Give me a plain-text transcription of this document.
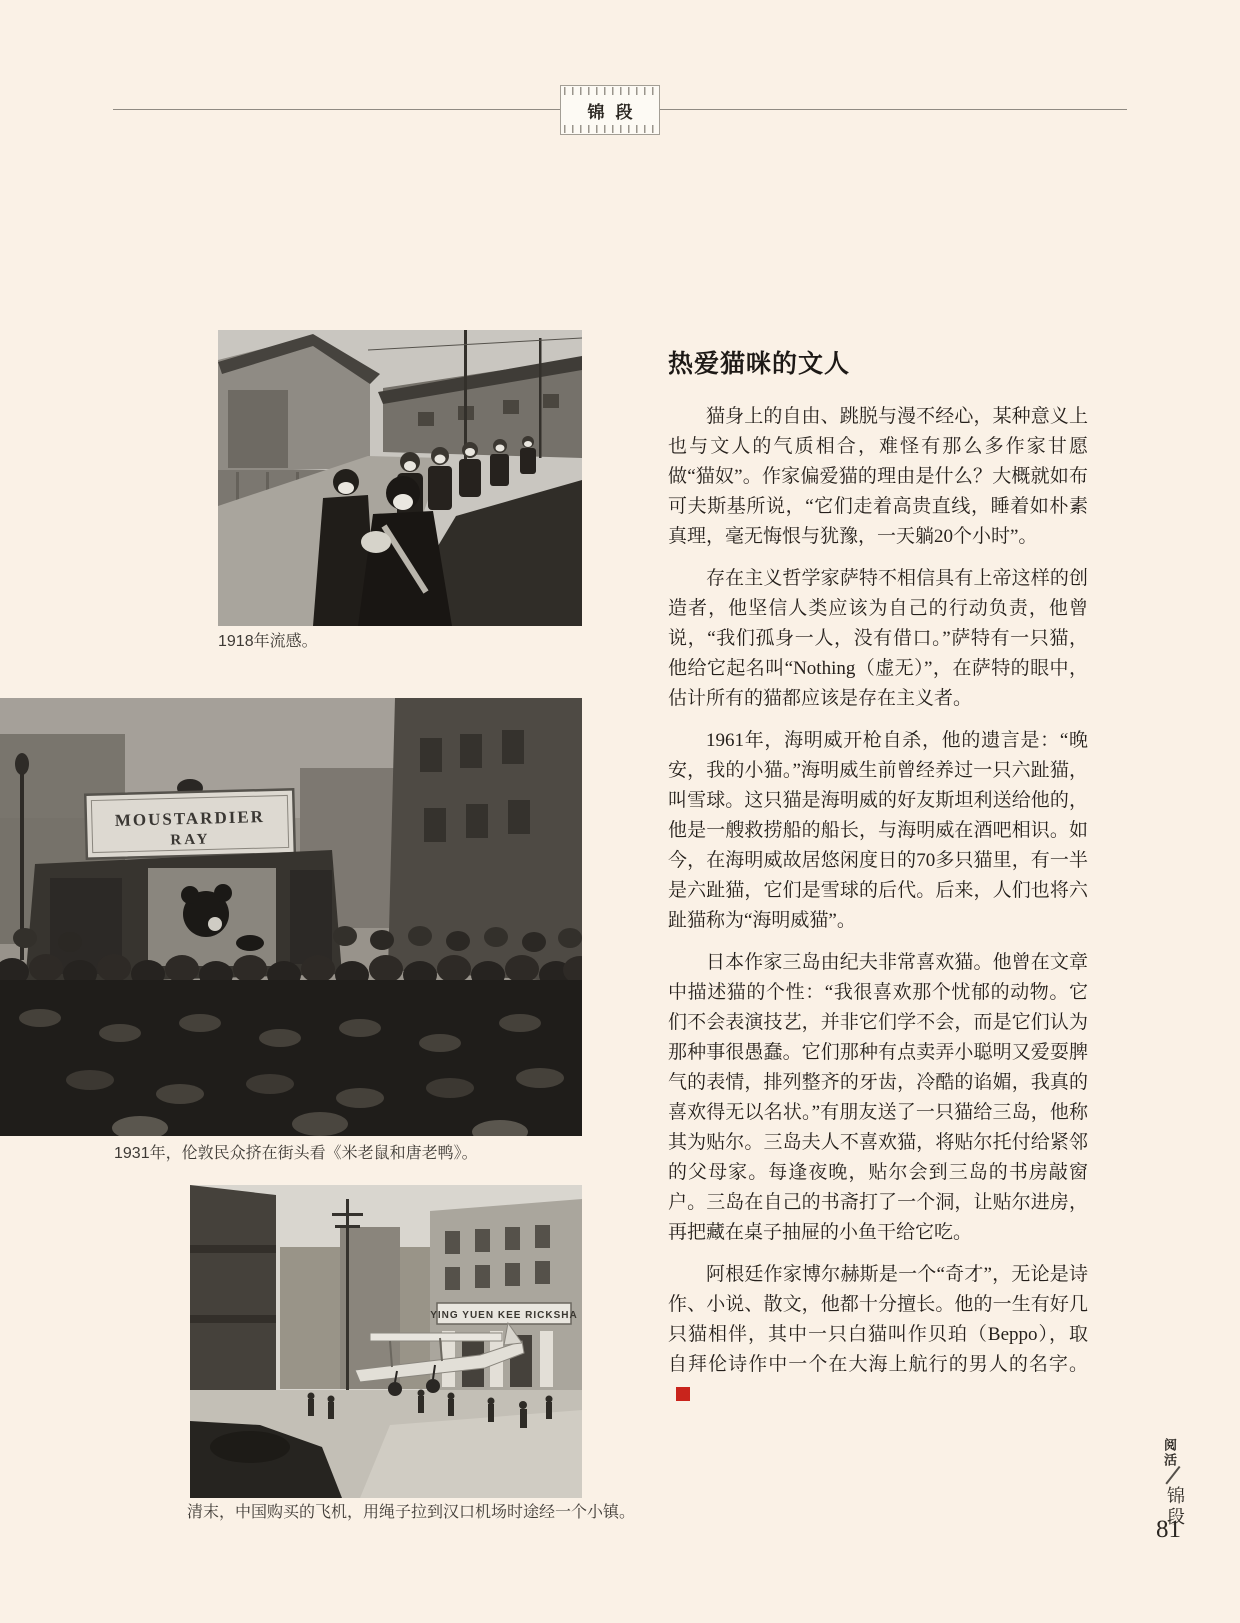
锦段
1918年流感。
MOUSTARDIER
RAY
1931年，伦敦民众挤在街头看《米老鼠和唐老鸭》。
YING YUEN KEE RICKSHA
清末，中国购买的飞机，用绳子拉到汉口机场时途经一个小镇。
热爱猫咪的文人

猫身上的自由、跳脱与漫不经心，某种意义上也与文人的气质相合，难怪有那么多作家甘愿做“猫奴”。作家偏爱猫的理由是什么？大概就如布可夫斯基所说，“它们走着高贵直线，睡着如朴素真理，毫无悔恨与犹豫，一天躺20个小时”。

存在主义哲学家萨特不相信具有上帝这样的创造者，他坚信人类应该为自己的行动负责，他曾说，“我们孤身一人，没有借口。”萨特有一只猫，他给它起名叫“Nothing（虚无）”，在萨特的眼中，估计所有的猫都应该是存在主义者。

1961年，海明威开枪自杀，他的遗言是：“晚安，我的小猫。”海明威生前曾经养过一只六趾猫，叫雪球。这只猫是海明威的好友斯坦利送给他的，他是一艘救捞船的船长，与海明威在酒吧相识。如今，在海明威故居悠闲度日的70多只猫里，有一半是六趾猫，它们是雪球的后代。后来，人们也将六趾猫称为“海明威猫”。

日本作家三岛由纪夫非常喜欢猫。他曾在文章中描述猫的个性：“我很喜欢那个忧郁的动物。它们不会表演技艺，并非它们学不会，而是它们认为那种事很愚蠢。它们那种有点卖弄小聪明又爱耍脾气的表情，排列整齐的牙齿，冷酷的谄媚，我真的喜欢得无以名状。”有朋友送了一只猫给三岛，他称其为贴尔。三岛夫人不喜欢猫，将贴尔托付给紧邻的父母家。每逢夜晚，贴尔会到三岛的书房敲窗户。三岛在自己的书斋打了一个洞，让贴尔进房，再把藏在桌子抽屉的小鱼干给它吃。

阿根廷作家博尔赫斯是一个“奇才”，无论是诗作、小说、散文，他都十分擅长。他的一生有好几只猫相伴，其中一只白猫叫作贝珀（Beppo），取自拜伦诗作中一个在大海上航行的男人的名字。

阅活
锦段
81
